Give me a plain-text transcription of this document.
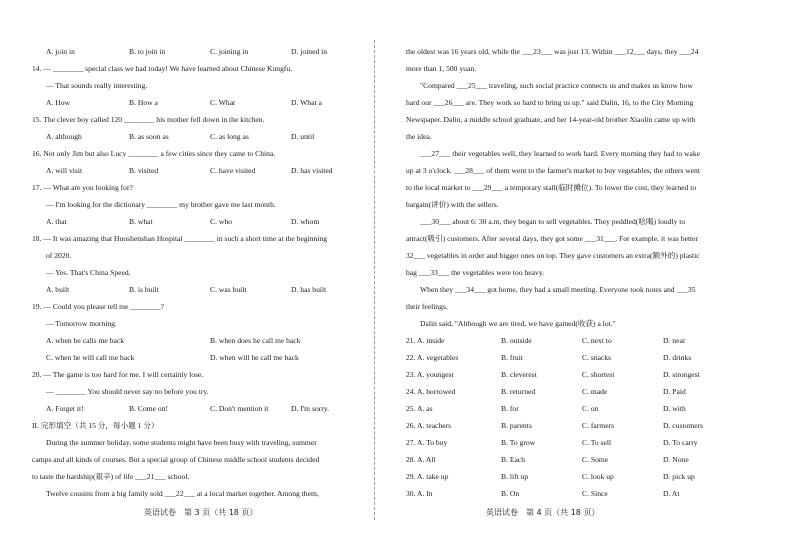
A. join in	B. to join in	C. joining in	D. joined in
14. — ________ special class we had today! We have learned about Chinese Kungfu.
— That sounds really interesting.
A. How	B. How a	C. What	D. What a
15. The clever boy called 120 ________ his mother fell down in the kitchen.
A. although	B. as soon as	C. as long as	D. until
16. Not only Jim but also Lucy ________ a few cities since they came to China.
A. will visit	B. visited	C. have visited	D. has visited
17. — What are you looking for?
— I'm looking for the dictionary ________ my brother gave me last month.
A. that	B. what	C. who	D. whom
18. — It was amazing that Huoshenshan Hospital ________ in such a short time at the beginning
of 2020.
— Yes. That's China Speed.
A. built	B. is built	C. was built	D. has built
19. — Could you please tell me ________?
— Tomorrow morning.
A. when he calls me back	B. when does he call me back
C. when he will call me back	D. when will he call me back
20. — The game is too hard for me. I will certainly lose.
— ________ You should never say no before you try.
A. Forget it!	B. Come on!	C. Don't mention it	D. I'm sorry.
II. 完形填空（共 15 分，每小题 1 分）
During the summer holiday, some students might have been busy with traveling, summer
camps and all kinds of courses. But a special group of Chinese middle school students decided
to taste the hardship(艰辛) of life ___21___ school.
Twelve cousins from a big family sold ___22___ at a local market together. Among them,
英语试卷　第 3 页（共 18 页）
the oldest was 16 years old, while the ___23___ was just 13. Within ___12___ days, they ___24
more than 1, 500 yuan.
"Compared ___25___ traveling, such social practice connects us and makes us know how
hard our ___26___ are. They work so hard to bring us up." said Dalin, 16, to the City Morning
Newspaper. Dalin, a middle school graduate, and her 14-year-old brother Xiaolin came up with
the idea.
___27___ their vegetables well, they learned to work hard. Every morning they had to wake
up at 3 o'clock. ___28___ of them went to the farmer's market to buy vegetables, the others went
to the local market to ___29___ a temporary stall(临时摊位). To lower the cost, they learned to
bargain(讲价) with the sellers.
___30___ about 6: 30 a.m, they began to sell vegetables. They peddled(吆喝) loudly to
attract(吸引) customers. After several days, they got some ___31___. For example, it was better
32___ vegetables in order and bigger ones on top. They gave customers an extra(额外的) plastic
bag ___33___ the vegetables were too heavy.
When they ___34___ got home, they had a small meeting. Everyone took notes and ___35
their feelings.
Dalin said, "Although we are tired, we have gained(收获) a lot."
21. A. inside	B. outside	C. next to	D. near
22. A. vegetables	B. fruit	C. snacks	D. drinks
23. A. youngest	B. cleverest	C. shortest	D. strongest
24. A. borrowed	B. returned	C. made	D. Paid
25. A. as	B. for	C. on	D. with
26. A. teachers	B. parents	C. farmers	D. customers
27. A. To buy	B. To grow	C. To sell	D. To carry
28. A. All	B. Each	C. Some	D. None
29. A. take up	B. lift up	C. look up	D. pick up
30. A. In	B. On	C. Since	D. At
英语试卷　第 4 页（共 18 页）
